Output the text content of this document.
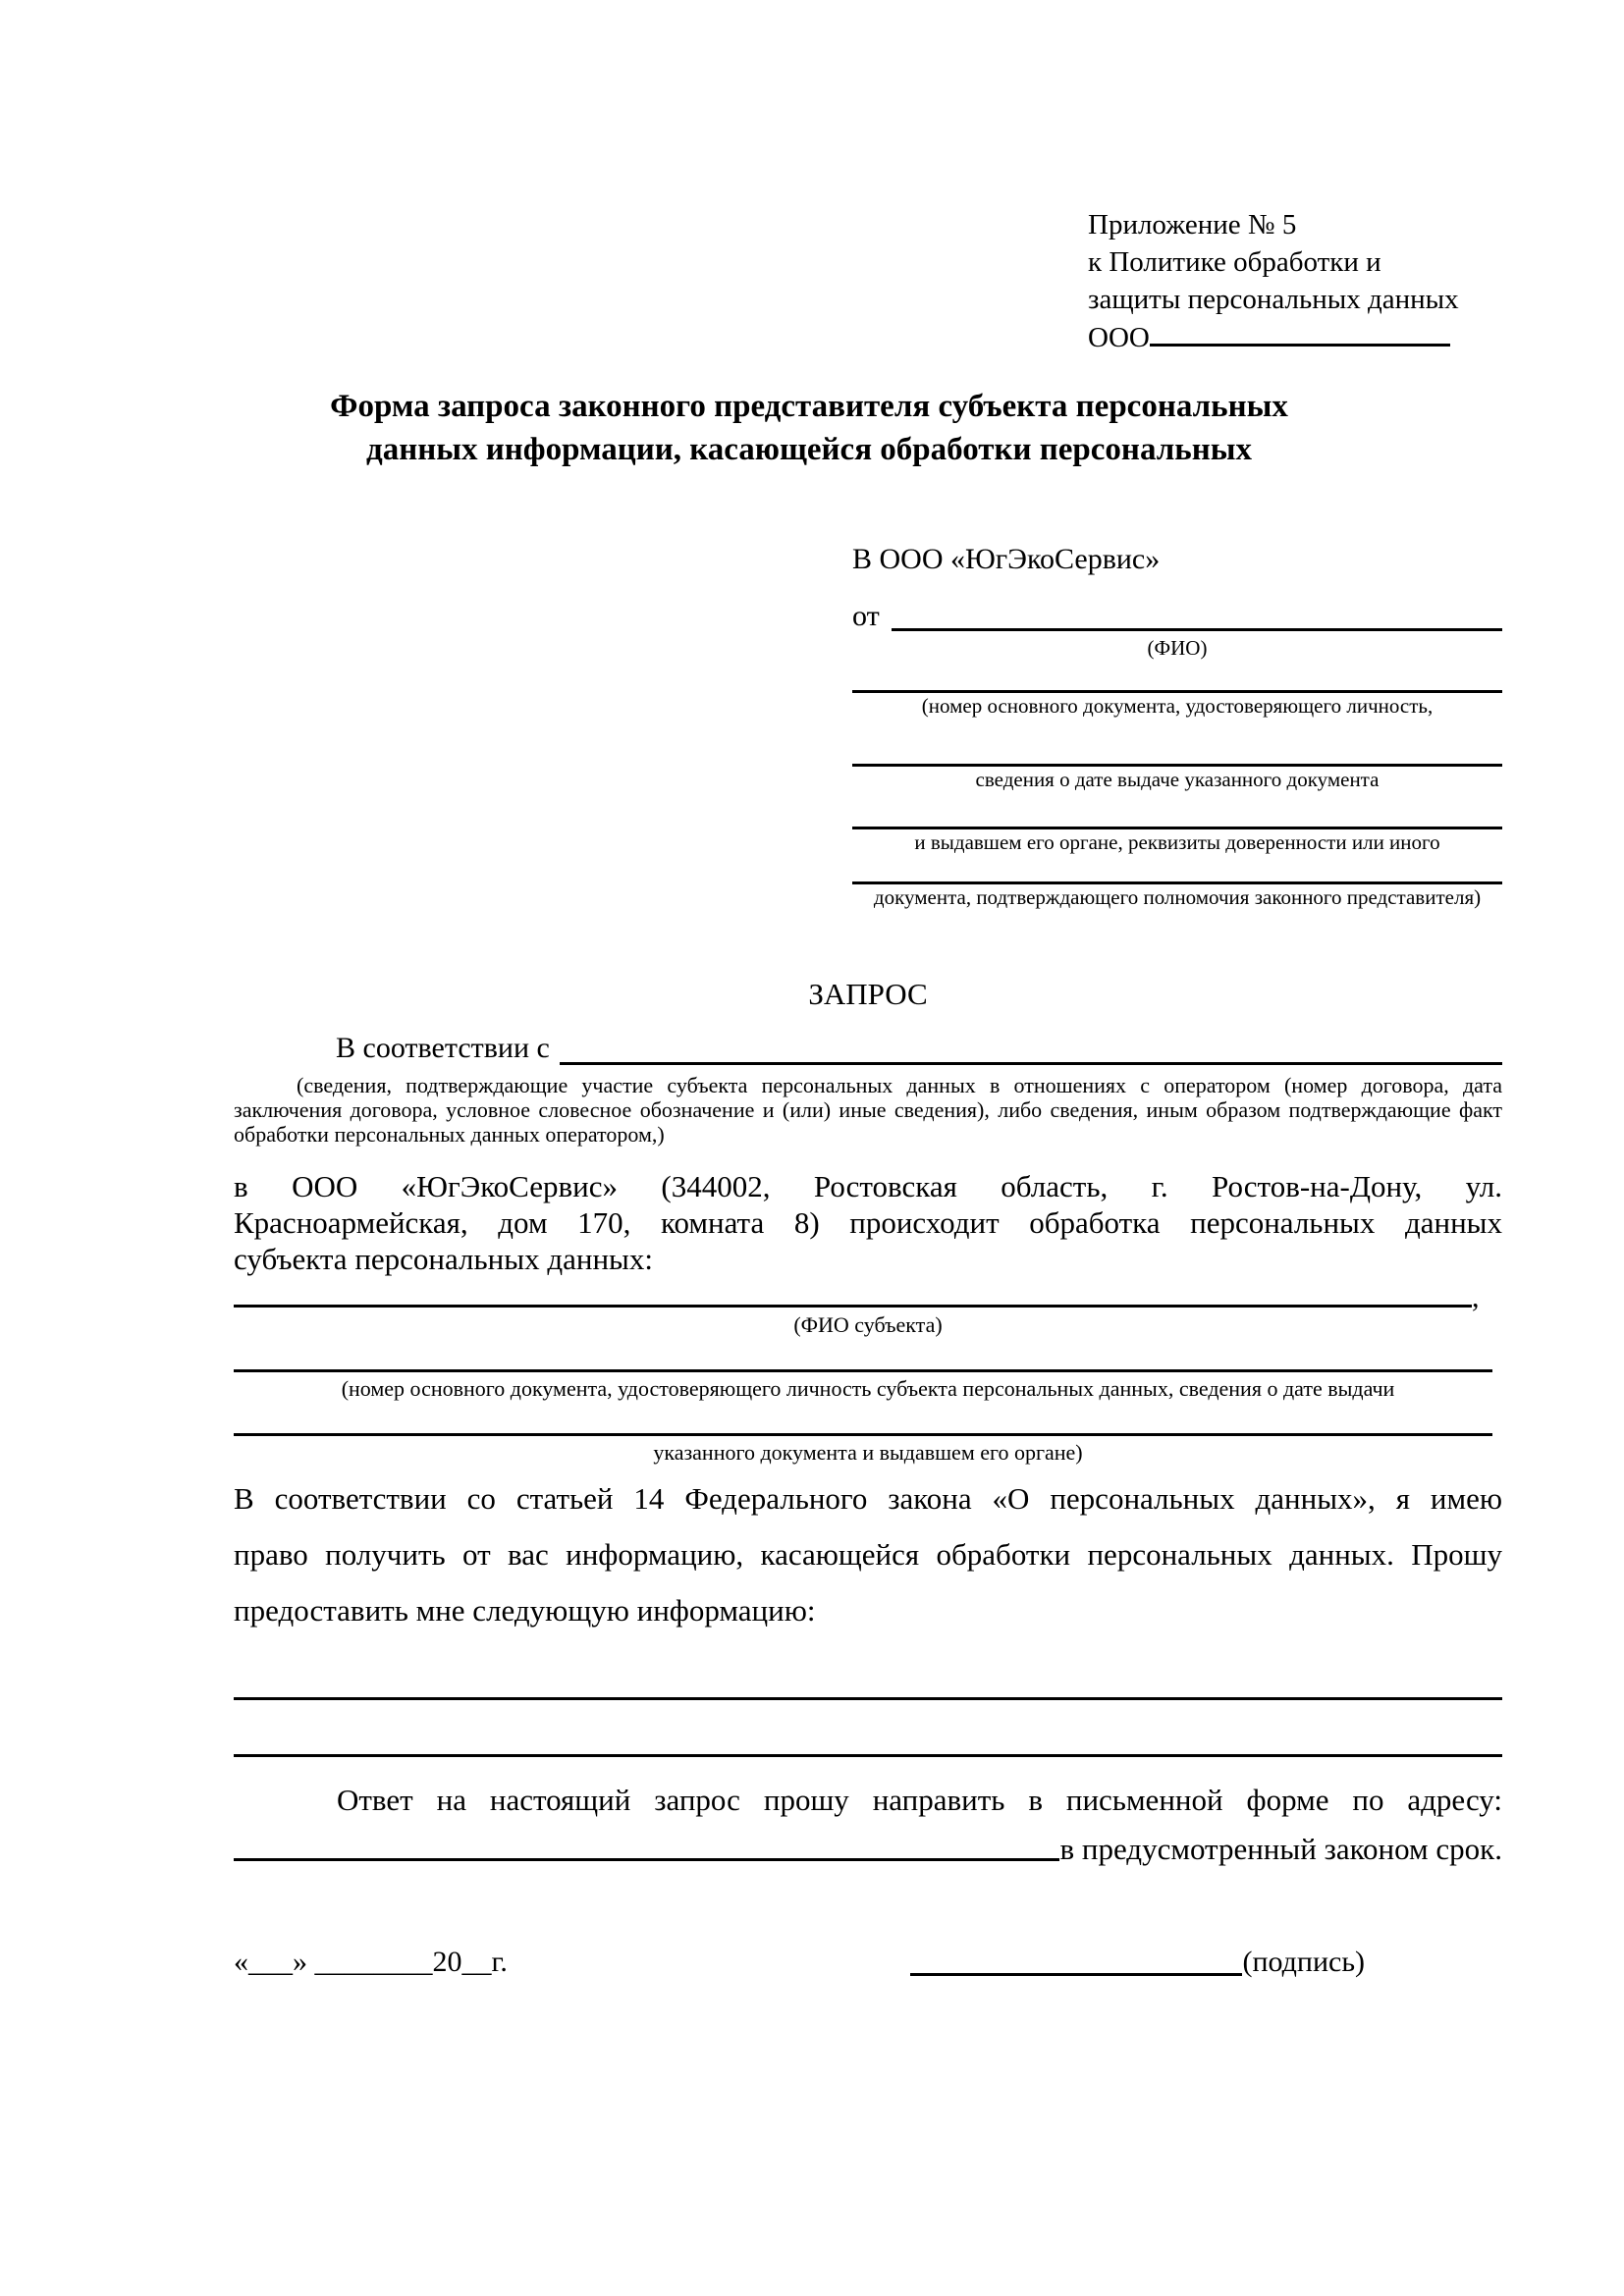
Приложение № 5
к Политике обработки и
защиты персональных данных
ООО
Форма запроса законного представителя субъекта персональных
данных информации, касающейся обработки персональных
В ООО «ЮгЭкоСервис»
от
(ФИО)
(номер основного документа, удостоверяющего личность,
сведения о дате выдаче указанного документа
и выдавшем его органе, реквизиты доверенности или иного
документа, подтверждающего полномочия законного представителя)
ЗАПРОС
В соответствии с
(сведения, подтверждающие участие субъекта персональных данных в отношениях с оператором (номер договора, дата
заключения договора, условное словесное обозначение и (или) иные сведения), либо сведения, иным образом подтверждающие факт
обработки персональных данных оператором,)
в ООО «ЮгЭкоСервис» (344002, Ростовская область, г. Ростов-на-Дону, ул.
Красноармейская, дом 170, комната 8) происходит обработка персональных данных
субъекта персональных данных:
,
(ФИО субъекта)
(номер основного документа, удостоверяющего личность субъекта персональных данных, сведения о дате выдачи
указанного документа и выдавшем его органе)
В соответствии со статьей 14 Федерального закона «О персональных данных», я имею
право получить от вас информацию, касающейся обработки персональных данных. Прошу
предоставить мне следующую информацию:
Ответ на настоящий запрос прошу направить в письменной форме по адресу:
в предусмотренный законом срок.
«___» ________20__г.	(подпись)
